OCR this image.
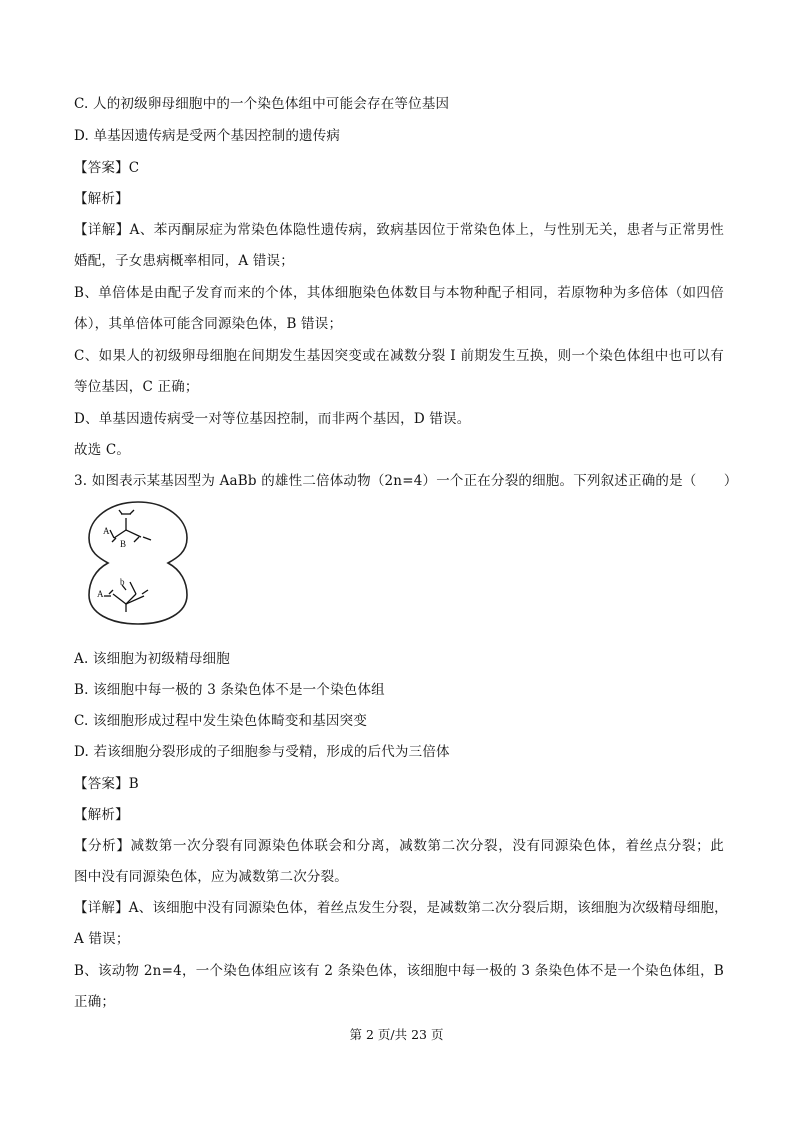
C. 人的初级卵母细胞中的一个染色体组中可能会存在等位基因
D. 单基因遗传病是受两个基因控制的遗传病
【答案】C
【解析】
【详解】A、苯丙酮尿症为常染色体隐性遗传病，致病基因位于常染色体上，与性别无关，患者与正常男性
婚配，子女患病概率相同，A 错误；
B、单倍体是由配子发育而来的个体，其体细胞染色体数目与本物种配子相同，若原物种为多倍体（如四倍
体），其单倍体可能含同源染色体，B 错误；
C、如果人的初级卵母细胞在间期发生基因突变或在减数分裂 I 前期发生互换，则一个染色体组中也可以有
等位基因，C 正确；
D、单基因遗传病受一对等位基因控制，而非两个基因，D 错误。
故选 C。
3. 如图表示某基因型为 AaBb 的雄性二倍体动物（2n=4）一个正在分裂的细胞。下列叙述正确的是（　　）
A
B
b
A
A. 该细胞为初级精母细胞
B. 该细胞中每一极的 3 条染色体不是一个染色体组
C. 该细胞形成过程中发生染色体畸变和基因突变
D. 若该细胞分裂形成的子细胞参与受精，形成的后代为三倍体
【答案】B
【解析】
【分析】减数第一次分裂有同源染色体联会和分离，减数第二次分裂，没有同源染色体，着丝点分裂；此
图中没有同源染色体，应为减数第二次分裂。
【详解】A、该细胞中没有同源染色体，着丝点发生分裂，是减数第二次分裂后期，该细胞为次级精母细胞，
A 错误；
B、该动物 2n=4，一个染色体组应该有 2 条染色体，该细胞中每一极的 3 条染色体不是一个染色体组，B
正确；
第 2 页/共 23 页
